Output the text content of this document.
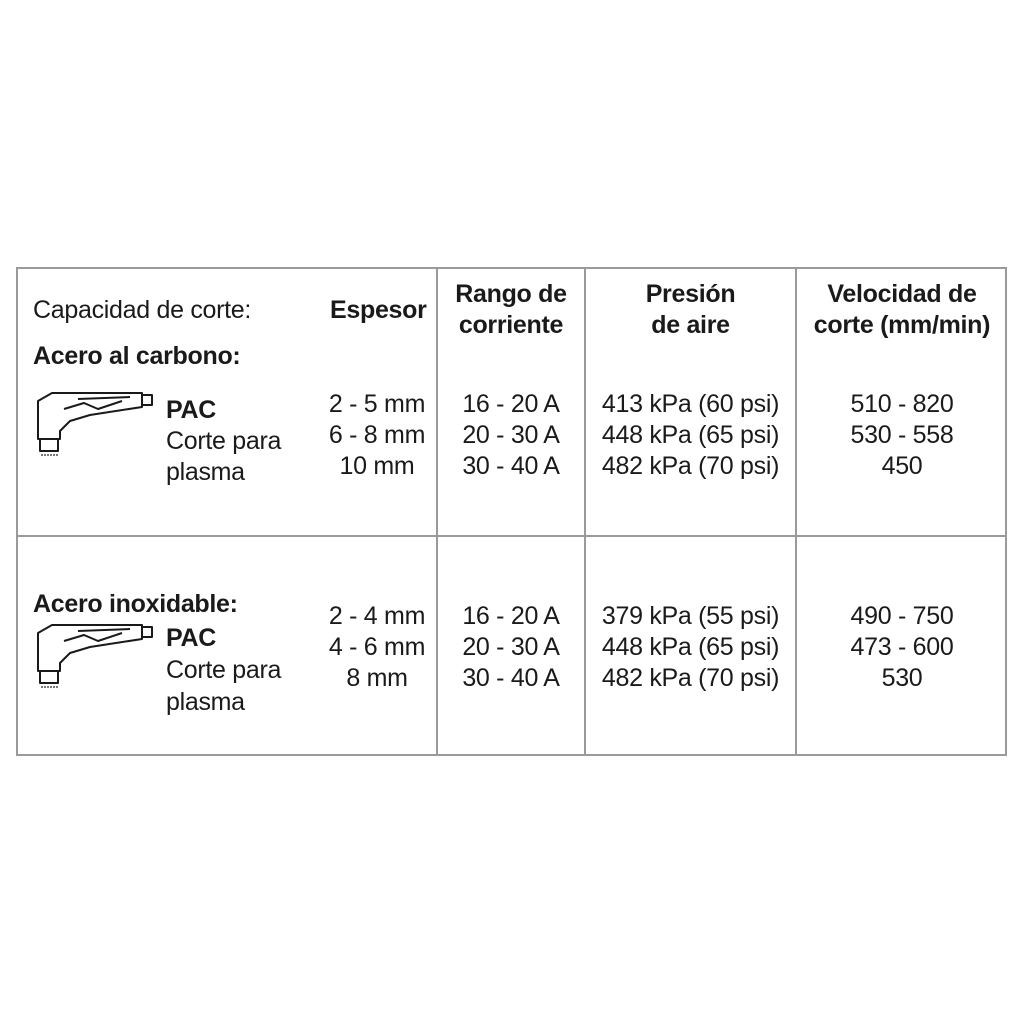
Capacidad de corte:	Espesor
Rango de
corriente
Presión
de aire
Velocidad de
corte (mm/min)
Acero al carbono:
PAC
Corte para
plasma
2 - 5 mm
6 - 8 mm
10 mm
16 - 20 A
20 - 30 A
30 - 40 A
413 kPa (60 psi)
448 kPa (65 psi)
482 kPa (70 psi)
510 - 820
530 - 558
450
Acero inoxidable:
PAC
Corte para
plasma
2 - 4 mm
4 - 6 mm
8 mm
16 - 20 A
20 - 30 A
30 - 40 A
379 kPa (55 psi)
448 kPa (65 psi)
482 kPa (70 psi)
490 - 750
473 - 600
530
